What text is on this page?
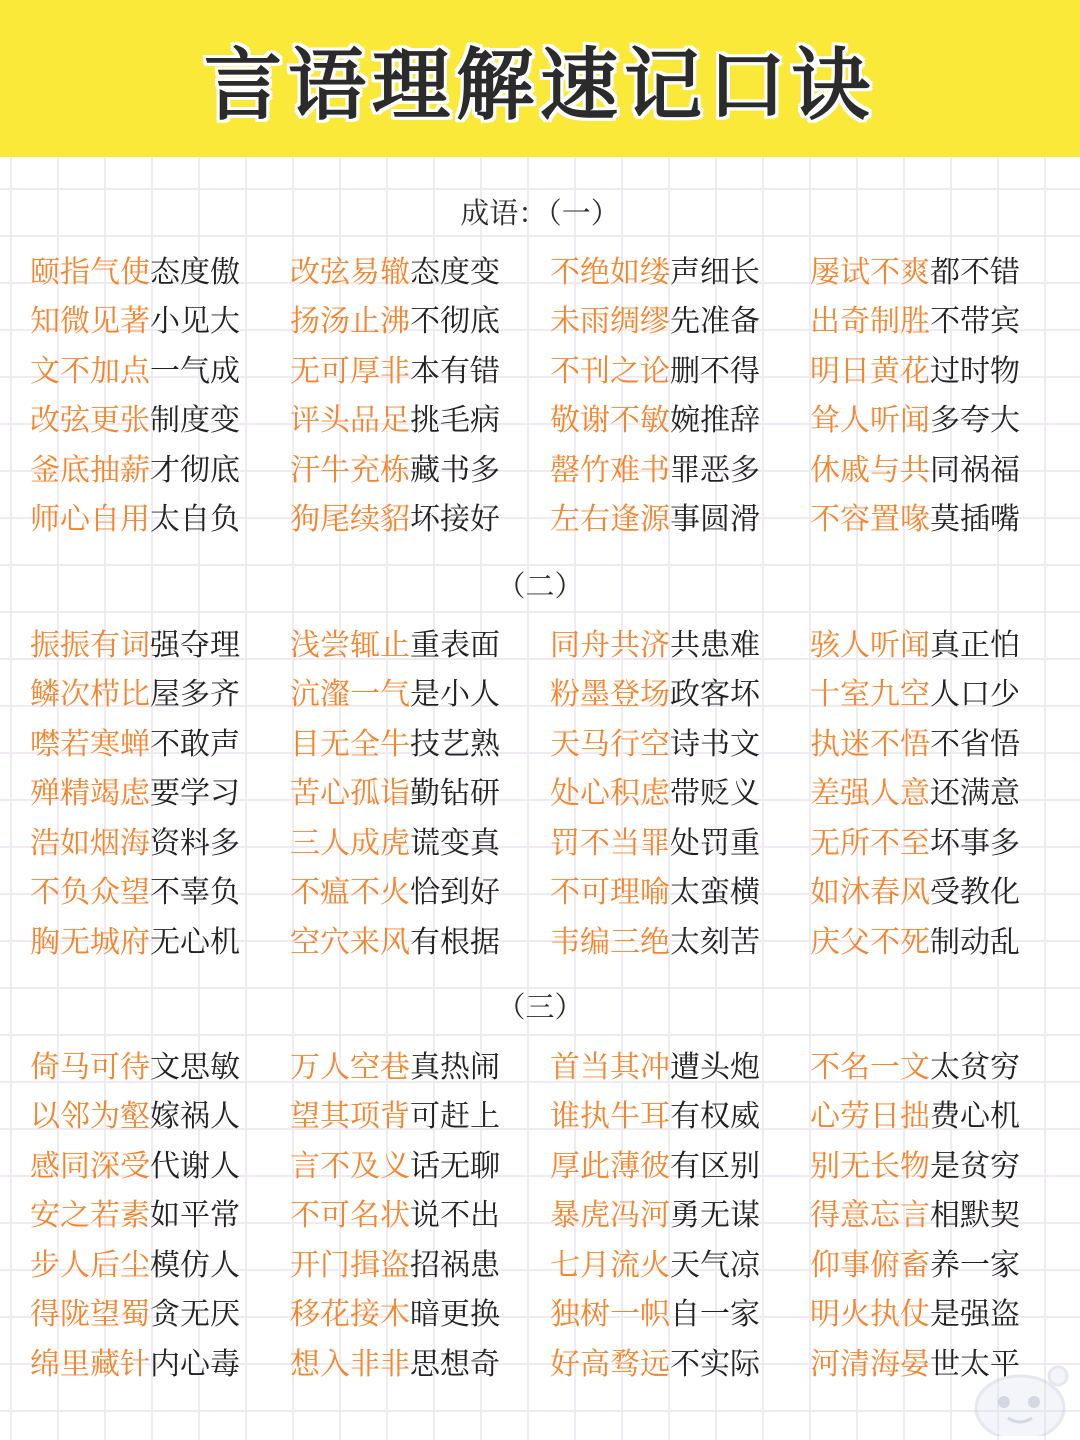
言语理解速记口诀
成语：（一）
颐指气使态度傲	改弦易辙态度变	不绝如缕声细长	屡试不爽都不错
知微见著小见大	扬汤止沸不彻底	未雨绸缪先准备	出奇制胜不带宾
文不加点一气成	无可厚非本有错	不刊之论删不得	明日黄花过时物
改弦更张制度变	评头品足挑毛病	敬谢不敏婉推辞	耸人听闻多夸大
釜底抽薪才彻底	汗牛充栋藏书多	罄竹难书罪恶多	休戚与共同祸福
师心自用太自负	狗尾续貂坏接好	左右逢源事圆滑	不容置喙莫插嘴
（二）
振振有词强夺理	浅尝辄止重表面	同舟共济共患难	骇人听闻真正怕
鳞次栉比屋多齐	沆瀣一气是小人	粉墨登场政客坏	十室九空人口少
噤若寒蝉不敢声	目无全牛技艺熟	天马行空诗书文	执迷不悟不省悟
殚精竭虑要学习	苦心孤诣勤钻研	处心积虑带贬义	差强人意还满意
浩如烟海资料多	三人成虎谎变真	罚不当罪处罚重	无所不至坏事多
不负众望不辜负	不瘟不火恰到好	不可理喻太蛮横	如沐春风受教化
胸无城府无心机	空穴来风有根据	韦编三绝太刻苦	庆父不死制动乱
（三）
倚马可待文思敏	万人空巷真热闹	首当其冲遭头炮	不名一文太贫穷
以邻为壑嫁祸人	望其项背可赶上	谁执牛耳有权威	心劳日拙费心机
感同深受代谢人	言不及义话无聊	厚此薄彼有区别	别无长物是贫穷
安之若素如平常	不可名状说不出	暴虎冯河勇无谋	得意忘言相默契
步人后尘模仿人	开门揖盗招祸患	七月流火天气凉	仰事俯畜养一家
得陇望蜀贪无厌	移花接木暗更换	独树一帜自一家	明火执仗是强盗
绵里藏针内心毒	想入非非思想奇	好高骛远不实际	河清海晏世太平
